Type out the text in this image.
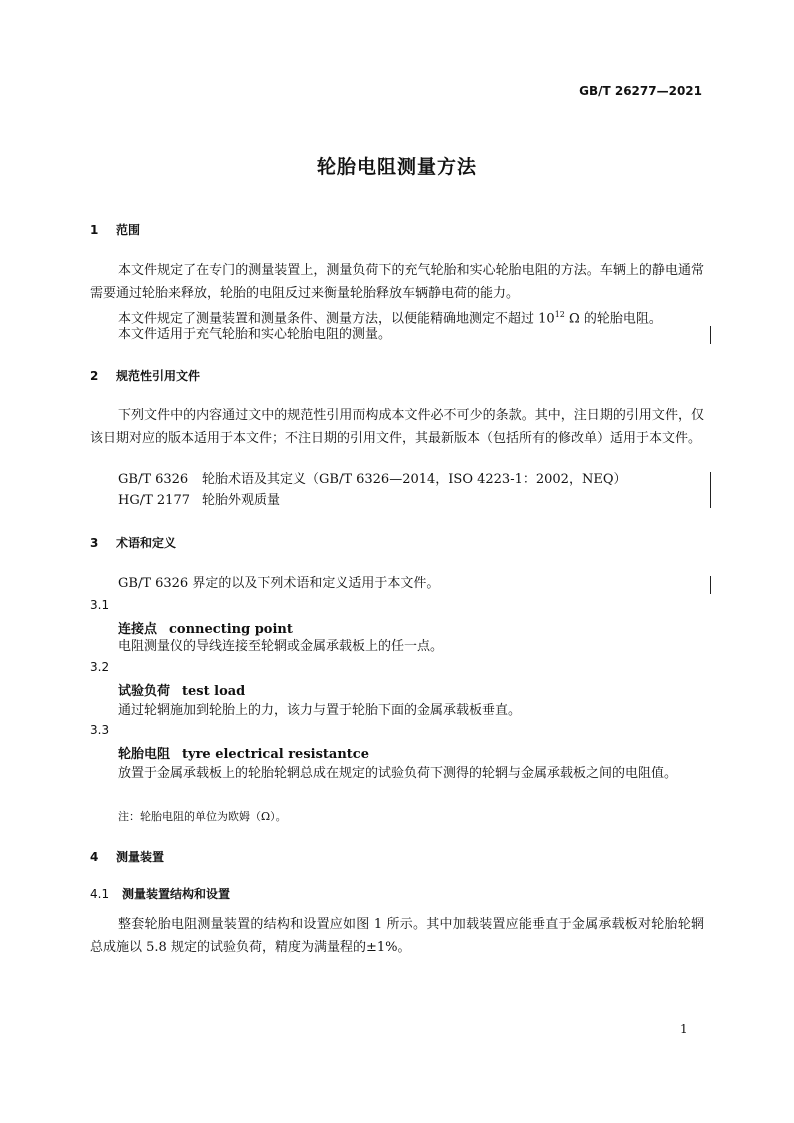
GB/T 26277—2021
轮胎电阻测量方法
1 范围
本文件规定了在专门的测量装置上，测量负荷下的充气轮胎和实心轮胎电阻的方法。车辆上的静电通常需要通过轮胎来释放，轮胎的电阻反过来衡量轮胎释放车辆静电荷的能力。
本文件规定了测量装置和测量条件、测量方法，以便能精确地测定不超过 $10^{12}$ Ω 的轮胎电阻。
本文件适用于充气轮胎和实心轮胎电阻的测量。
2 规范性引用文件
下列文件中的内容通过文中的规范性引用而构成本文件必不可少的条款。其中，注日期的引用文件，仅该日期对应的版本适用于本文件；不注日期的引用文件，其最新版本（包括所有的修改单）适用于本文件。
GB/T 6326 轮胎术语及其定义（GB/T 6326—2014，ISO 4223-1：2002，NEQ）
HG/T 2177 轮胎外观质量
3 术语和定义
GB/T 6326 界定的以及下列术语和定义适用于本文件。
3.1
连接点 connecting point
电阻测量仪的导线连接至轮辋或金属承载板上的任一点。
3.2
试验负荷 test load
通过轮辋施加到轮胎上的力，该力与置于轮胎下面的金属承载板垂直。
3.3
轮胎电阻 tyre electrical resistantce
放置于金属承载板上的轮胎轮辋总成在规定的试验负荷下测得的轮辋与金属承载板之间的电阻值。
注：轮胎电阻的单位为欧姆（Ω）。
4 测量装置
4.1 测量装置结构和设置
整套轮胎电阻测量装置的结构和设置应如图 1 所示。其中加载装置应能垂直于金属承载板对轮胎轮辋总成施以 5.8 规定的试验负荷，精度为满量程的±1%。
1
